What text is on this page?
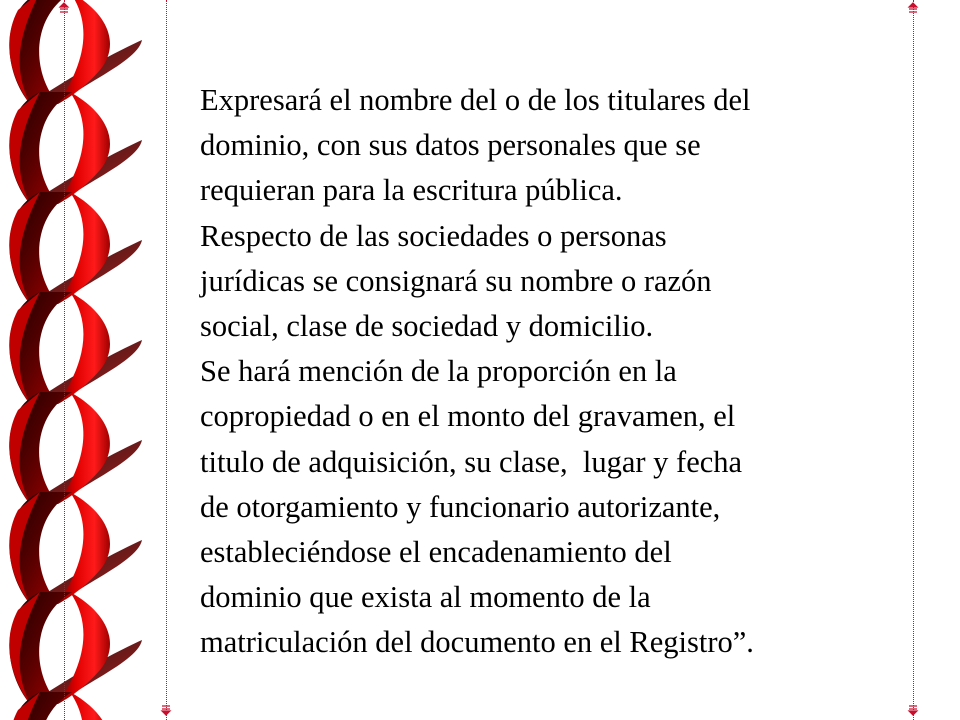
Expresará el nombre del o de los titulares del
dominio, con sus datos personales que se
requieran para la escritura pública.
Respecto de las sociedades o personas
jurídicas se consignará su nombre o razón
social, clase de sociedad y domicilio.
Se hará mención de la proporción en la
copropiedad o en el monto del gravamen, el
titulo de adquisición, su clase,  lugar y fecha
de otorgamiento y funcionario autorizante,
estableciéndose el encadenamiento del
dominio que exista al momento de la
matriculación del documento en el Registro”.
